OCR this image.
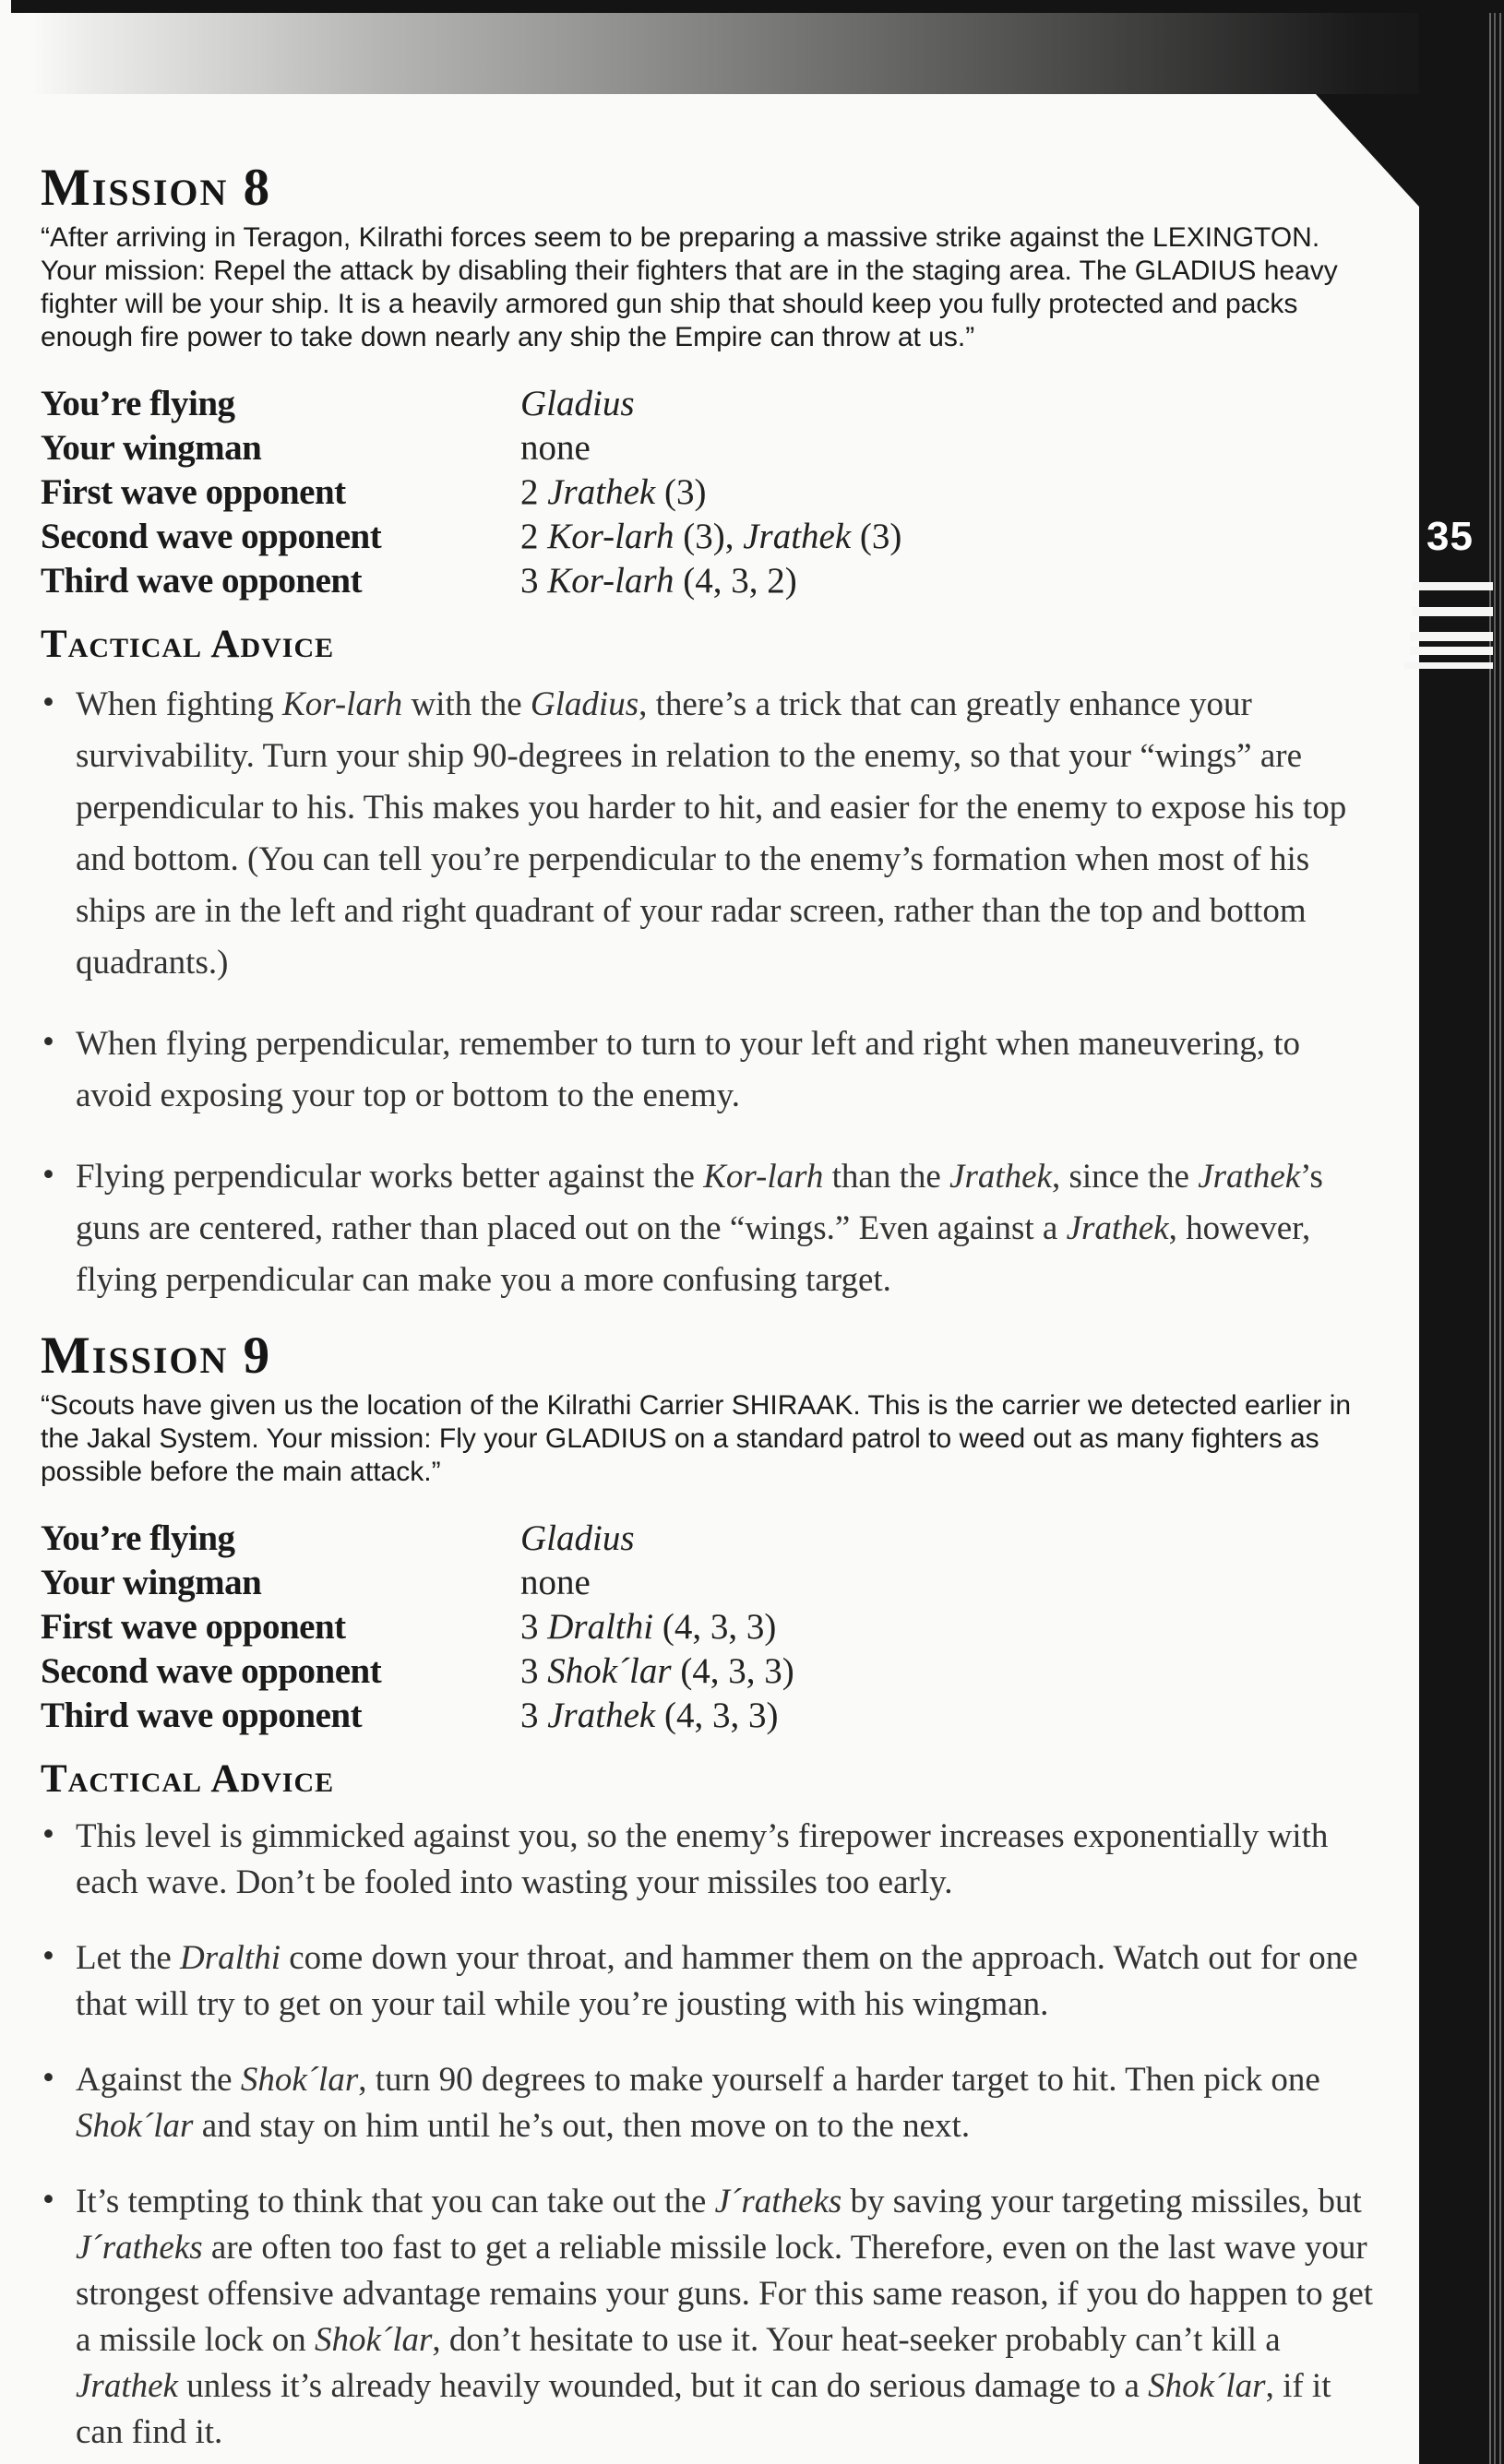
35
Mission 8

“After arriving in Teragon, Kilrathi forces seem to be preparing a massive strike against the LEXINGTON. Your mission: Repel the attack by disabling their fighters that are in the staging area. The GLADIUS heavy fighter will be your ship. It is a heavily armored gun ship that should keep you fully protected and packs enough fire power to take down nearly any ship the Empire can throw at us.”

You’re flying	Gladius
Your wingman	none
First wave opponent	2 Jrathek (3)
Second wave opponent	2 Kor-larh (3), Jrathek (3)
Third wave opponent	3 Kor-larh (4, 3, 2)
Tactical Advice
• When fighting Kor-larh with the Gladius, there’s a trick that can greatly enhance your survivability. Turn your ship 90-degrees in relation to the enemy, so that your “wings” are perpendicular to his. This makes you harder to hit, and easier for the enemy to expose his top and bottom. (You can tell you’re perpendicular to the enemy’s formation when most of his ships are in the left and right quadrant of your radar screen, rather than the top and bottom quadrants.)
• When flying perpendicular, remember to turn to your left and right when maneuvering, to avoid exposing your top or bottom to the enemy.
• Flying perpendicular works better against the Kor-larh than the Jrathek, since the Jrathek’s guns are centered, rather than placed out on the “wings.” Even against a Jrathek, however, flying perpendicular can make you a more confusing target.
Mission 9

“Scouts have given us the location of the Kilrathi Carrier SHIRAAK. This is the carrier we detected earlier in the Jakal System. Your mission: Fly your GLADIUS on a standard patrol to weed out as many fighters as possible before the main attack.”

You’re flying	Gladius
Your wingman	none
First wave opponent	3 Dralthi (4, 3, 3)
Second wave opponent	3 Shok´lar (4, 3, 3)
Third wave opponent	3 Jrathek (4, 3, 3)
Tactical Advice
• This level is gimmicked against you, so the enemy’s firepower increases exponentially with each wave. Don’t be fooled into wasting your missiles too early.
• Let the Dralthi come down your throat, and hammer them on the approach. Watch out for one that will try to get on your tail while you’re jousting with his wingman.
• Against the Shok´lar, turn 90 degrees to make yourself a harder target to hit. Then pick one Shok´lar and stay on him until he’s out, then move on to the next.
• It’s tempting to think that you can take out the J´ratheks by saving your targeting missiles, but J´ratheks are often too fast to get a reliable missile lock. Therefore, even on the last wave your strongest offensive advantage remains your guns. For this same reason, if you do happen to get a missile lock on Shok´lar, don’t hesitate to use it. Your heat-seeker probably can’t kill a Jrathek unless it’s already heavily wounded, but it can do serious damage to a Shok´lar, if it can find it.
